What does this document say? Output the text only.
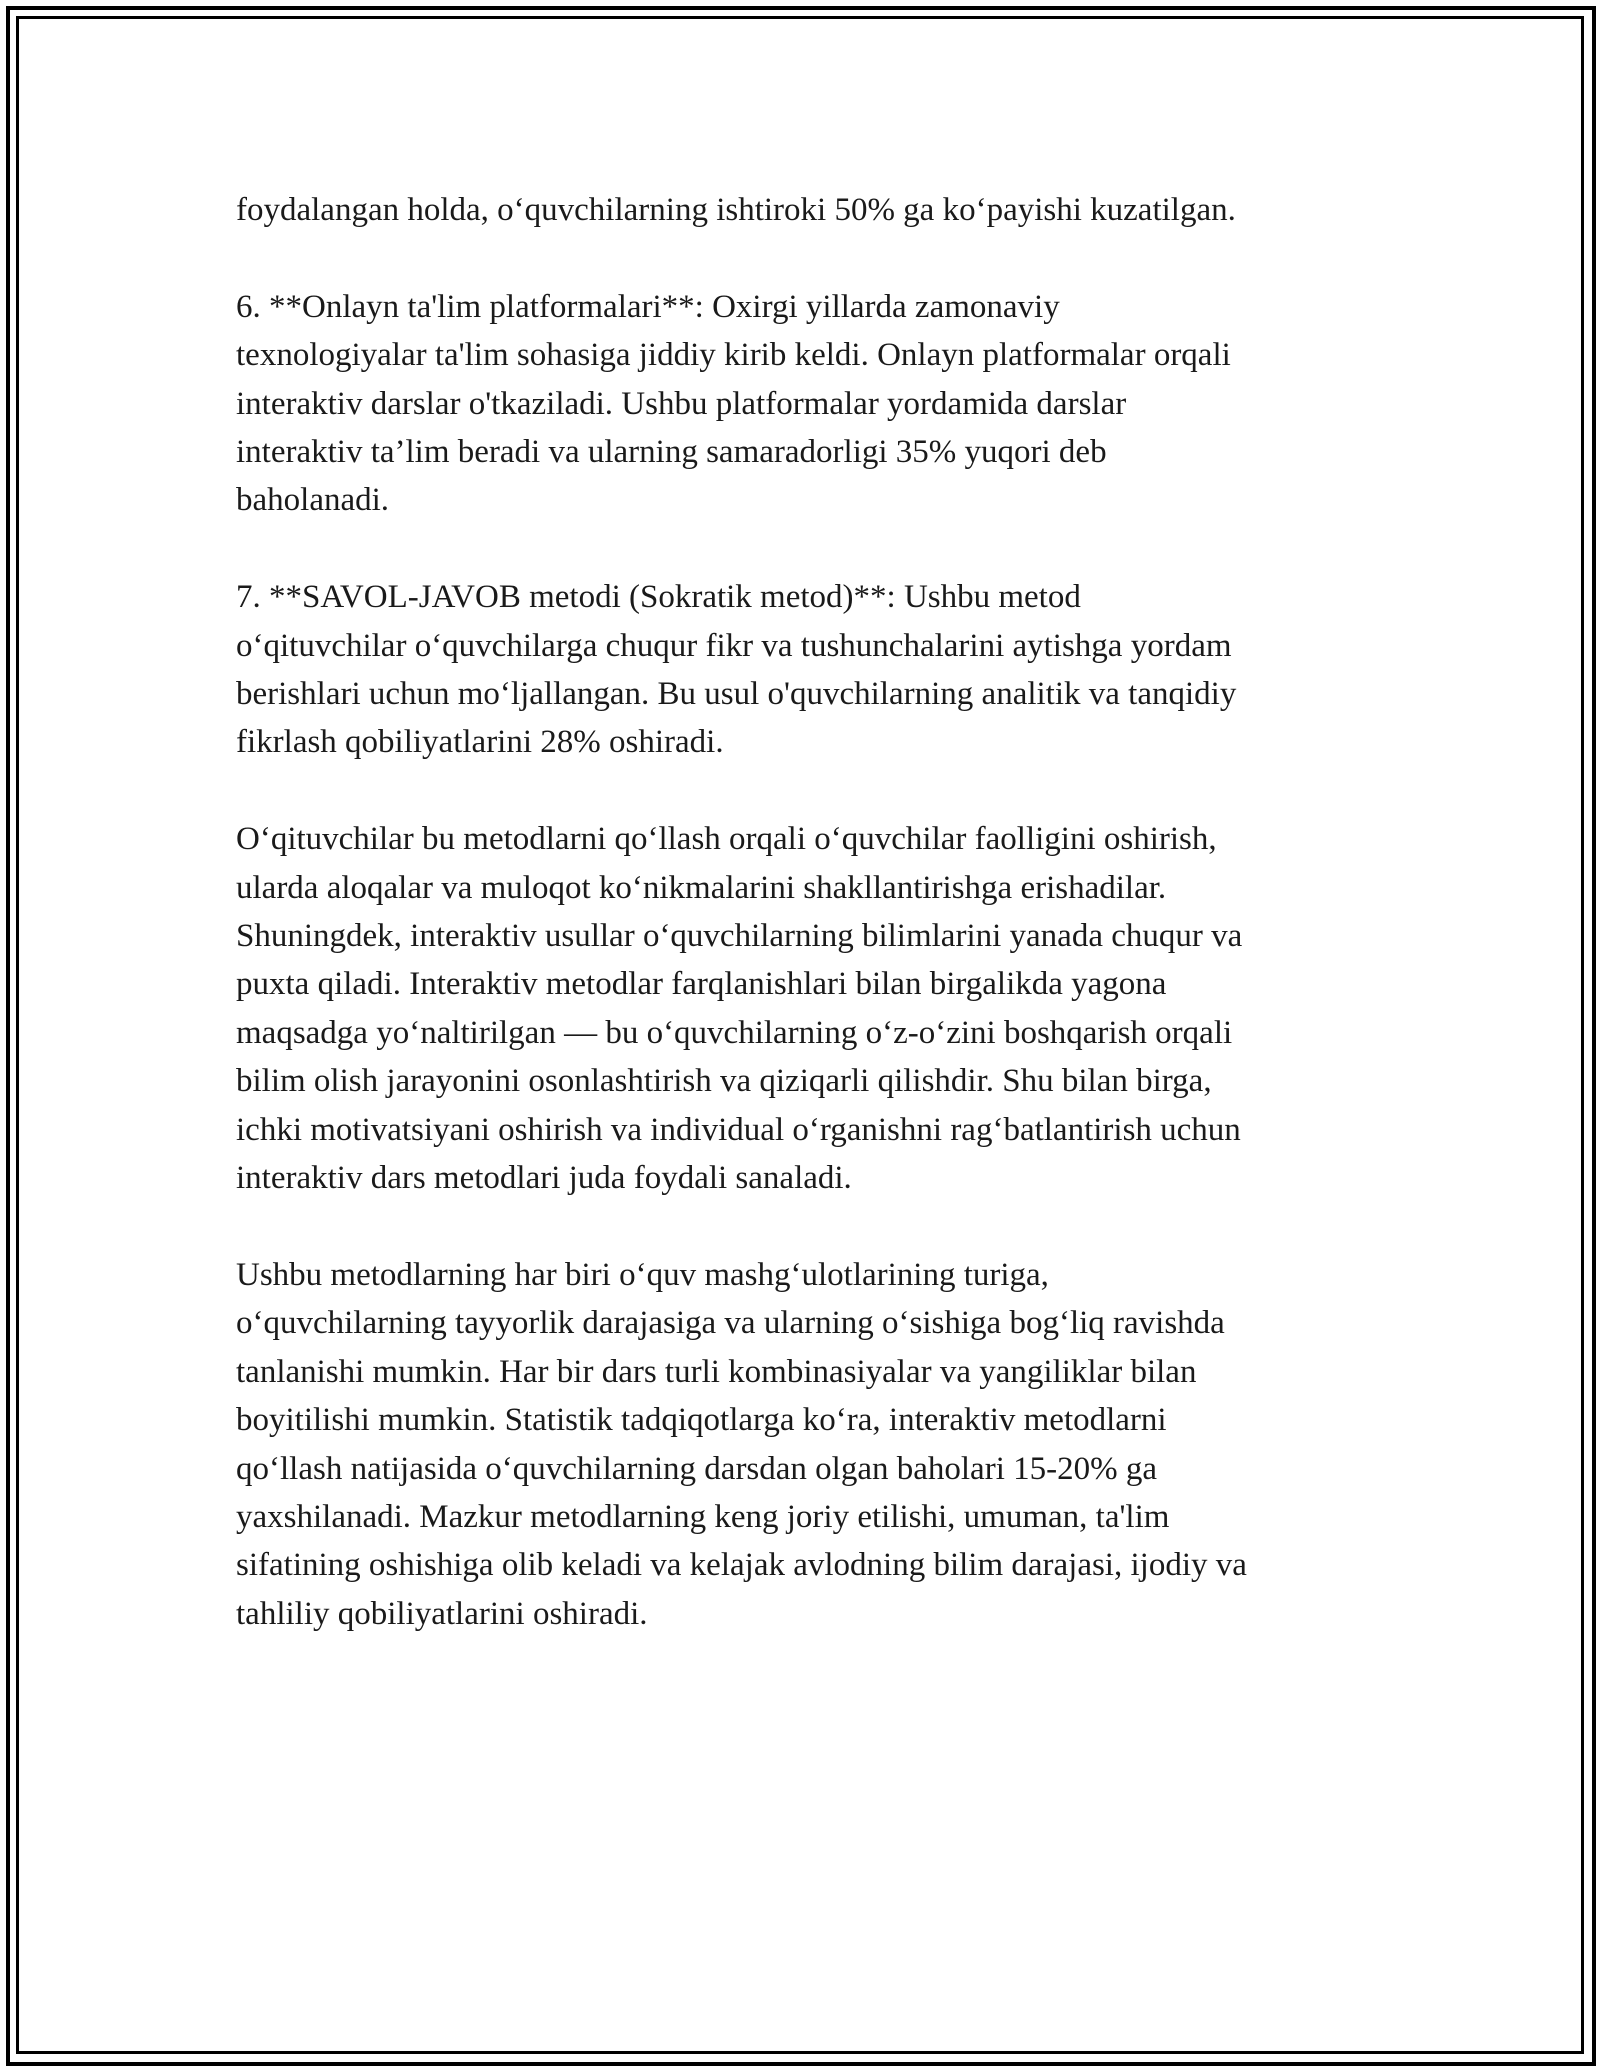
foydalangan holda, o‘quvchilarning ishtiroki 50% ga ko‘payishi kuzatilgan.

6. **Onlayn ta'lim platformalari**: Oxirgi yillarda zamonaviy
texnologiyalar ta'lim sohasiga jiddiy kirib keldi. Onlayn platformalar orqali
interaktiv darslar o'tkaziladi. Ushbu platformalar yordamida darslar
interaktiv ta’lim beradi va ularning samaradorligi 35% yuqori deb
baholanadi.

7. **SAVOL-JAVOB metodi (Sokratik metod)**: Ushbu metod
o‘qituvchilar o‘quvchilarga chuqur fikr va tushunchalarini aytishga yordam
berishlari uchun mo‘ljallangan. Bu usul o'quvchilarning analitik va tanqidiy
fikrlash qobiliyatlarini 28% oshiradi.

O‘qituvchilar bu metodlarni qo‘llash orqali o‘quvchilar faolligini oshirish,
ularda aloqalar va muloqot ko‘nikmalarini shakllantirishga erishadilar.
Shuningdek, interaktiv usullar o‘quvchilarning bilimlarini yanada chuqur va
puxta qiladi. Interaktiv metodlar farqlanishlari bilan birgalikda yagona
maqsadga yo‘naltirilgan — bu o‘quvchilarning o‘z-o‘zini boshqarish orqali
bilim olish jarayonini osonlashtirish va qiziqarli qilishdir. Shu bilan birga,
ichki motivatsiyani oshirish va individual o‘rganishni rag‘batlantirish uchun
interaktiv dars metodlari juda foydali sanaladi.

Ushbu metodlarning har biri o‘quv mashg‘ulotlarining turiga,
o‘quvchilarning tayyorlik darajasiga va ularning o‘sishiga bog‘liq ravishda
tanlanishi mumkin. Har bir dars turli kombinasiyalar va yangiliklar bilan
boyitilishi mumkin. Statistik tadqiqotlarga ko‘ra, interaktiv metodlarni
qo‘llash natijasida o‘quvchilarning darsdan olgan baholari 15-20% ga
yaxshilanadi. Mazkur metodlarning keng joriy etilishi, umuman, ta'lim
sifatining oshishiga olib keladi va kelajak avlodning bilim darajasi, ijodiy va
tahliliy qobiliyatlarini oshiradi.
